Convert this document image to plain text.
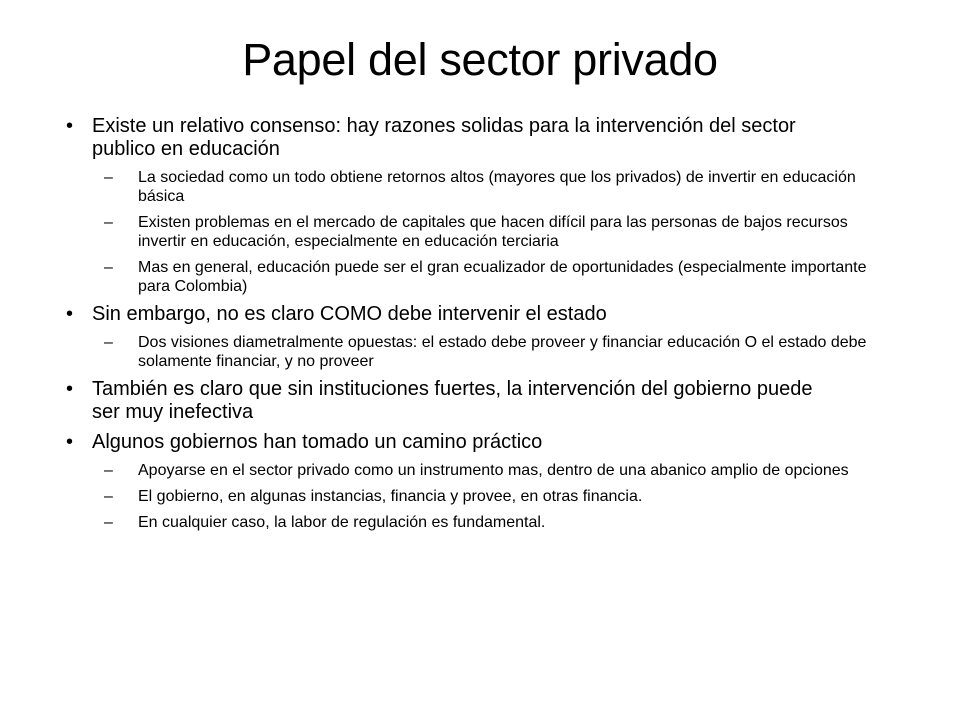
Papel del sector privado
• Existe un relativo consenso: hay razones solidas para la intervención del sector publico en educación
–	La sociedad como un todo obtiene retornos altos (mayores que los privados) de invertir en educación básica
–	Existen problemas en el mercado de capitales que hacen difícil para las personas de bajos recursos invertir en educación, especialmente en educación terciaria
–	Mas en general, educación puede ser el gran ecualizador de oportunidades (especialmente importante para Colombia)
• Sin embargo, no es claro COMO debe intervenir el estado
–	Dos visiones diametralmente opuestas: el estado debe proveer y financiar educación O el estado debe solamente financiar, y no proveer
• También es claro que sin instituciones fuertes, la intervención del gobierno puede ser muy inefectiva
• Algunos gobiernos han tomado un camino práctico
–	Apoyarse en el sector privado como un instrumento mas, dentro de una abanico amplio de opciones
–	El gobierno, en algunas instancias, financia y provee, en otras financia.
–	En cualquier caso, la labor de regulación es fundamental.
